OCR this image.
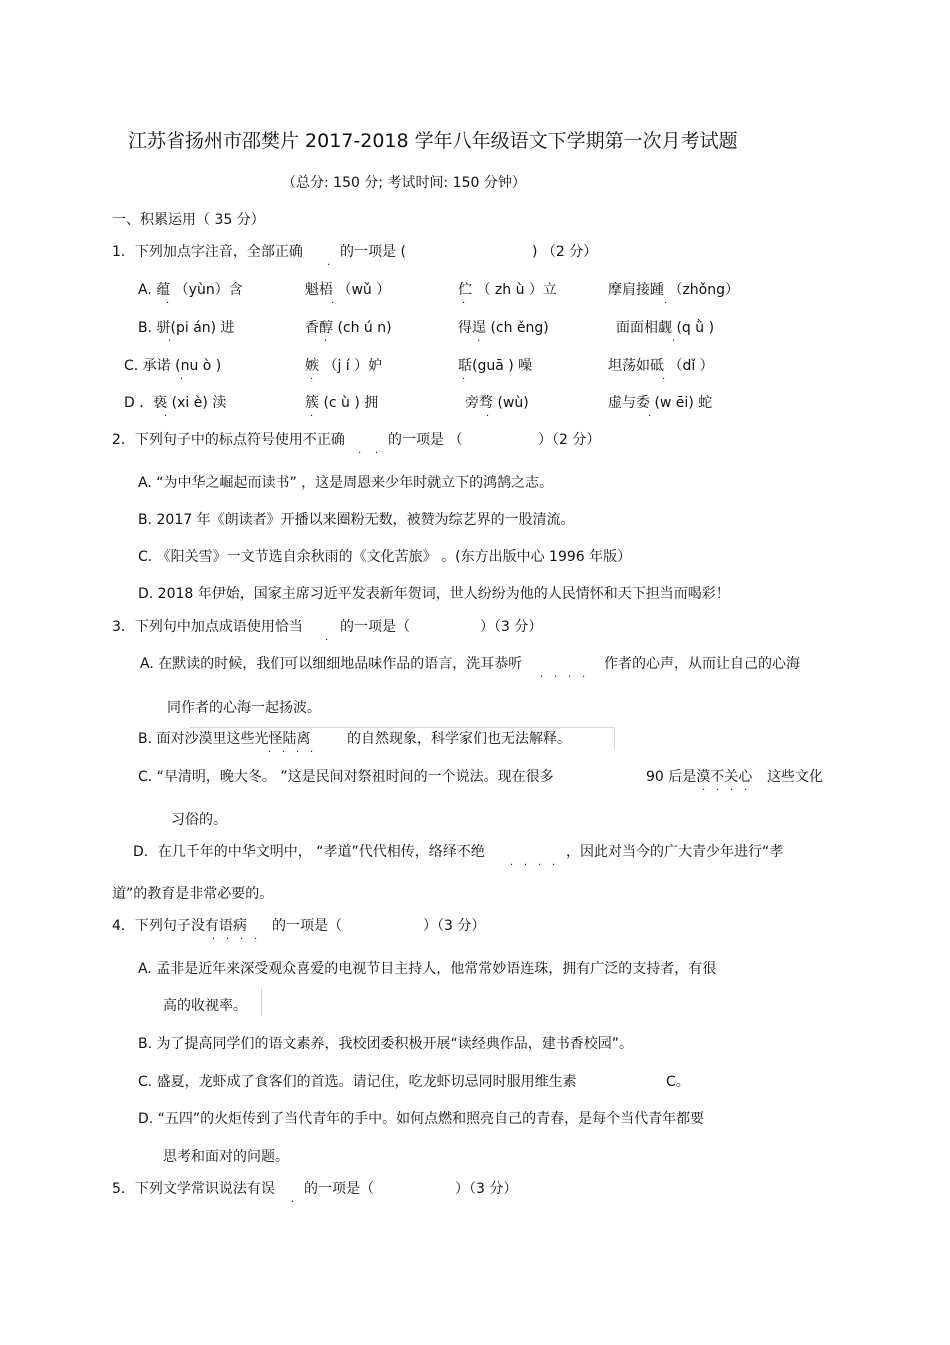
江苏省扬州市邵樊片 2017-2018 学年八年级语文下学期第一次月考试题
（总分: 150 分; 考试时间: 150 分钟）
一、积累运用（ 35 分）
1．下列加点字注音，全部正确
·
的一项是 (	) （2 分）
A. 蕴 （yùn）含	魁梧 （wǔ ）	伫 （ zh ù ）立	摩肩接踵 （zhǒng）
·	·	·	·
B. 骈(pi án) 进	香醇 (ch ú n)	得逞 (ch ěng)	面面相觑 (q ǜ )
·	·	·	·
C. 承诺 (nu ò )	嫉 （j í ）妒	聒(guā ) 噪	坦荡如砥 （dǐ ）
·	·	·	·
D ．亵 (xi è) 渎	簇 (c ù ) 拥	旁骛 (wù)	虚与委 (w ēi) 蛇
·	·	·	·
2．下列句子中的标点符号使用不正确
· ·
的一项是 （	）（2 分）
A. “为中华之崛起而读书” ，这是周恩来少年时就立下的鸿鹄之志。
B. 2017 年《朗读者》开播以来圈粉无数，被赞为综艺界的一股清流。
C. 《阳关雪》一文节选自余秋雨的《文化苦旅》 。(东方出版中心 1996 年版）
D. 2018 年伊始，国家主席习近平发表新年贺词，世人纷纷为他的人民情怀和天下担当而喝彩！
3．下列句中加点成语使用恰当
·
的一项是（	）（3 分）
A. 在默读的时候，我们可以细细地品味作品的语言，洗耳恭听
· · · ·
作者的心声，从而让自己的心海
同作者的心海一起扬波。
B. 面对沙漠里这些光怪陆离
· · · ·
的自然现象，科学家们也无法解释。
C. “早清明，晚大冬。 ”这是民间对祭祖时间的一个说法。现在很多	90 后是漠不关心
· · · ·
这些文化
习俗的。
D．在几千年的中华文明中， “孝道”代代相传，络绎不绝
· · · ·
，因此对当今的广大青少年进行“孝
道”的教育是非常必要的。
4．下列句子没有语病
· · · ·
的一项是（	）（3 分）
A. 孟非是近年来深受观众喜爱的电视节目主持人，他常常妙语连珠，拥有广泛的支持者，有很
高的收视率。
B. 为了提高同学们的语文素养，我校团委积极开展“读经典作品，建书香校园”。
C. 盛夏，龙虾成了食客们的首选。请记住，吃龙虾切忌同时服用维生素	C。
D. “五四”的火炬传到了当代青年的手中。如何点燃和照亮自己的青春，是每个当代青年都要
思考和面对的问题。
5．下列文学常识说法有误
·
的一项是（	）（3 分）
